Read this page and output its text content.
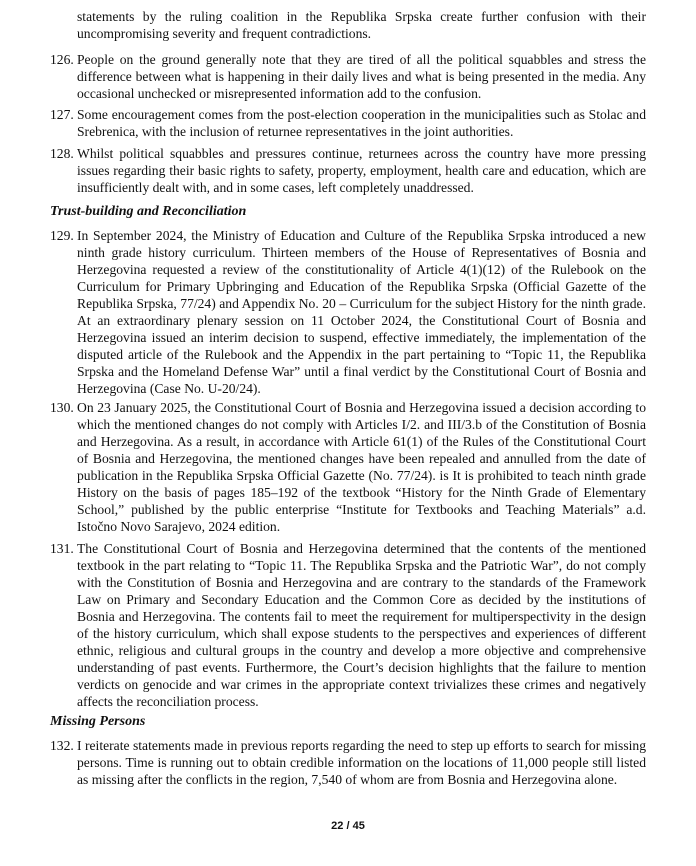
statements by the ruling coalition in the Republika Srpska create further confusion with their uncompromising severity and frequent contradictions.
126. People on the ground generally note that they are tired of all the political squabbles and stress the difference between what is happening in their daily lives and what is being presented in the media. Any occasional unchecked or misrepresented information add to the confusion.
127. Some encouragement comes from the post-election cooperation in the municipalities such as Stolac and Srebrenica, with the inclusion of returnee representatives in the joint authorities.
128. Whilst political squabbles and pressures continue, returnees across the country have more pressing issues regarding their basic rights to safety, property, employment, health care and education, which are insufficiently dealt with, and in some cases, left completely unaddressed.
Trust-building and Reconciliation
129. In September 2024, the Ministry of Education and Culture of the Republika Srpska introduced a new ninth grade history curriculum. Thirteen members of the House of Representatives of Bosnia and Herzegovina requested a review of the constitutionality of Article 4(1)(12) of the Rulebook on the Curriculum for Primary Upbringing and Education of the Republika Srpska (Official Gazette of the Republika Srpska, 77/24) and Appendix No. 20 – Curriculum for the subject History for the ninth grade. At an extraordinary plenary session on 11 October 2024, the Constitutional Court of Bosnia and Herzegovina issued an interim decision to suspend, effective immediately, the implementation of the disputed article of the Rulebook and the Appendix in the part pertaining to “Topic 11, the Republika Srpska and the Homeland Defense War” until a final verdict by the Constitutional Court of Bosnia and Herzegovina (Case No. U-20/24).
130. On 23 January 2025, the Constitutional Court of Bosnia and Herzegovina issued a decision according to which the mentioned changes do not comply with Articles I/2. and III/3.b of the Constitution of Bosnia and Herzegovina. As a result, in accordance with Article 61(1) of the Rules of the Constitutional Court of Bosnia and Herzegovina, the mentioned changes have been repealed and annulled from the date of publication in the Republika Srpska Official Gazette (No. 77/24). is It is prohibited to teach ninth grade History on the basis of pages 185–192 of the textbook “History for the Ninth Grade of Elementary School,” published by the public enterprise “Institute for Textbooks and Teaching Materials” a.d. Istočno Novo Sarajevo, 2024 edition.
131. The Constitutional Court of Bosnia and Herzegovina determined that the contents of the mentioned textbook in the part relating to “Topic 11. The Republika Srpska and the Patriotic War”, do not comply with the Constitution of Bosnia and Herzegovina and are contrary to the standards of the Framework Law on Primary and Secondary Education and the Common Core as decided by the institutions of Bosnia and Herzegovina. The contents fail to meet the requirement for multiperspectivity in the design of the history curriculum, which shall expose students to the perspectives and experiences of different ethnic, religious and cultural groups in the country and develop a more objective and comprehensive understanding of past events. Furthermore, the Court’s decision highlights that the failure to mention verdicts on genocide and war crimes in the appropriate context trivializes these crimes and negatively affects the reconciliation process.
Missing Persons
132. I reiterate statements made in previous reports regarding the need to step up efforts to search for missing persons. Time is running out to obtain credible information on the locations of 11,000 people still listed as missing after the conflicts in the region, 7,540 of whom are from Bosnia and Herzegovina alone.
22 / 45
